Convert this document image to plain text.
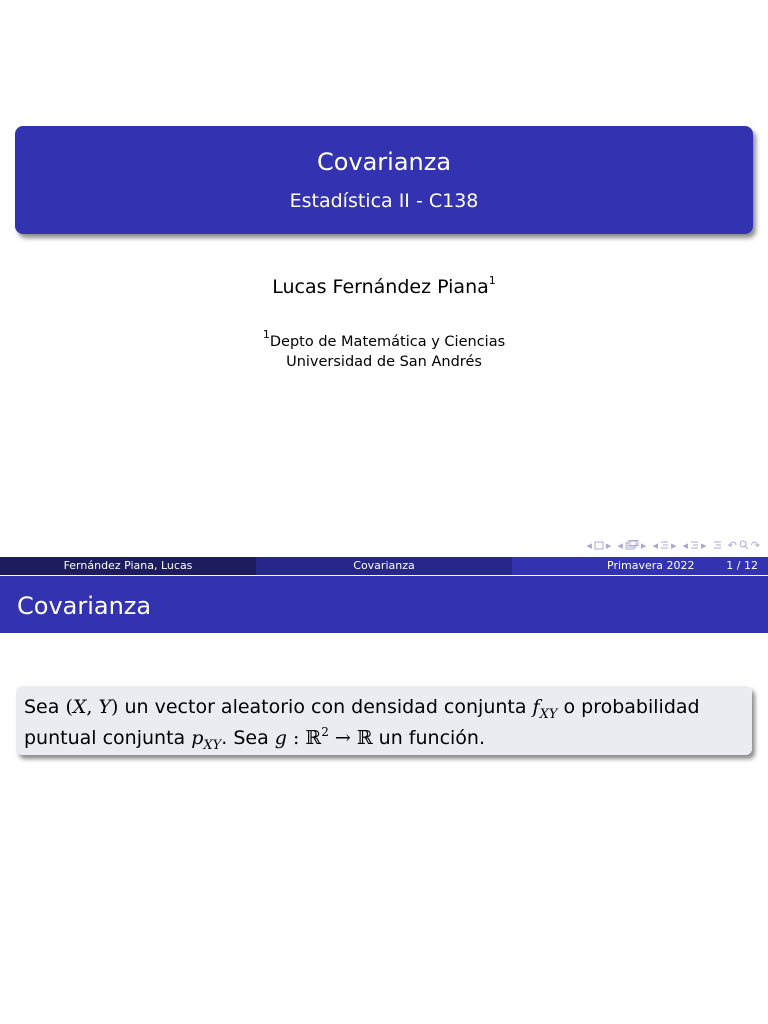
Covarianza
Estadística II - C138
Lucas Fernández Piana$^1$
$^1$Depto de Matemática y Ciencias
Universidad de San Andrés
◂ ▸ ◂ ▸ ◂ ▸ ◂ ▸ ↶ ↷
Fernández Piana, Lucas	Covarianza	Primavera 2022	1 / 12
Covarianza
Sea (X, Y) un vector aleatorio con densidad conjunta $f_{XY}$ o probabilidad
puntual conjunta $p_{XY}$. Sea g : ℝ$^2$ → ℝ un función.
